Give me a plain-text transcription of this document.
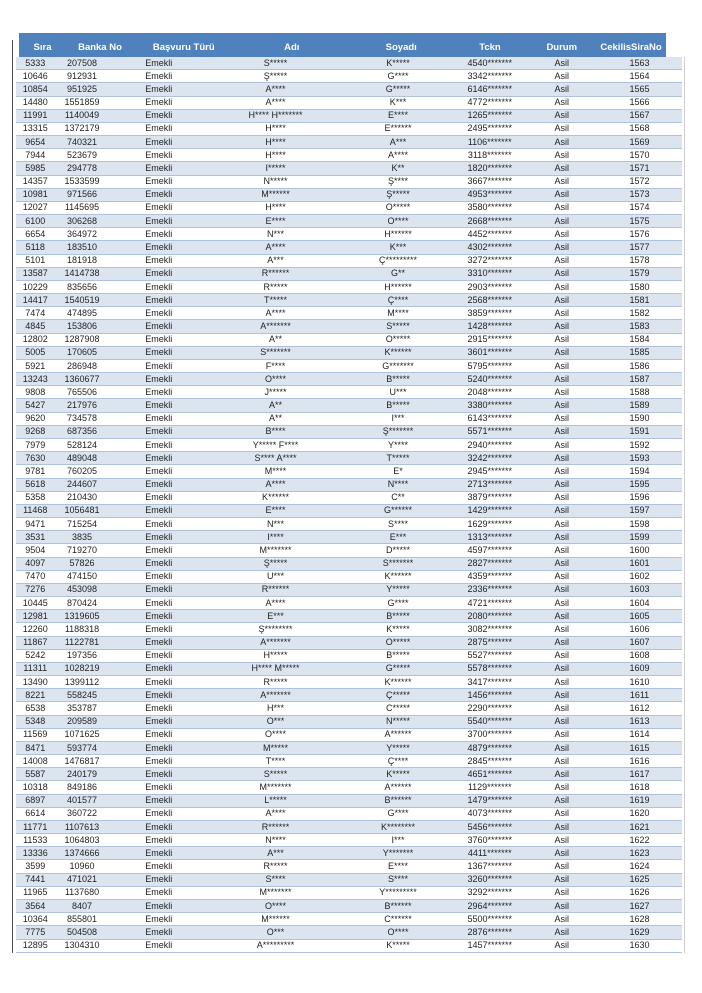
Sıra	Banka No	Başvuru Türü	Adı	Soyadı	Tckn	Durum	CekilisSiraNo
5333	207508	Emekli	S*****	K*****	4540*******	Asil	1563
10646	912931	Emekli	Ş*****	G****	3342*******	Asil	1564
10854	951925	Emekli	A****	G*****	6146*******	Asil	1565
14480	1551859	Emekli	A****	K***	4772*******	Asil	1566
11991	1140049	Emekli	H**** H*******	E****	1265*******	Asil	1567
13315	1372179	Emekli	H****	E******	2495*******	Asil	1568
9654	740321	Emekli	H****	A***	1106*******	Asil	1569
7944	523679	Emekli	H****	A****	3118*******	Asil	1570
5985	294778	Emekli	İ*****	K**	1820*******	Asil	1571
14357	1533599	Emekli	N*****	Ş****	3667*******	Asil	1572
10981	971566	Emekli	M******	Ş*****	4953*******	Asil	1573
12027	1145695	Emekli	H****	Ö*****	3580*******	Asil	1574
6100	306268	Emekli	E****	Ö****	2668*******	Asil	1575
6654	364972	Emekli	N***	H******	4452*******	Asil	1576
5118	183510	Emekli	A****	K***	4302*******	Asil	1577
5101	181918	Emekli	A***	Ç*********	3272*******	Asil	1578
13587	1414738	Emekli	R******	G**	3310*******	Asil	1579
10229	835656	Emekli	R*****	H******	2903*******	Asil	1580
14417	1540519	Emekli	T*****	Ç****	2568*******	Asil	1581
7474	474895	Emekli	A****	M****	3859*******	Asil	1582
4845	153806	Emekli	A*******	S*****	1428*******	Asil	1583
12802	1287908	Emekli	A**	Ö*****	2915*******	Asil	1584
5005	170605	Emekli	S*******	K******	3601*******	Asil	1585
5921	286948	Emekli	F****	G*******	5795*******	Asil	1586
13243	1360677	Emekli	Ö****	B*****	5240*******	Asil	1587
9808	765506	Emekli	J*****	U***	2048*******	Asil	1588
5427	217976	Emekli	A**	B*****	3380*******	Asil	1589
9620	734578	Emekli	A**	İ***	6143*******	Asil	1590
9268	687356	Emekli	B****	Ş*******	5571*******	Asil	1591
7979	528124	Emekli	Y***** F****	Y****	2940*******	Asil	1592
7630	489048	Emekli	S**** A****	T*****	3242*******	Asil	1593
9781	760205	Emekli	M****	E*	2945*******	Asil	1594
5618	244607	Emekli	A****	N****	2713*******	Asil	1595
5358	210430	Emekli	K******	C**	3879*******	Asil	1596
11468	1056481	Emekli	E****	G******	1429*******	Asil	1597
9471	715254	Emekli	N***	S****	1629*******	Asil	1598
3531	3835	Emekli	İ****	E***	1313*******	Asil	1599
9504	719270	Emekli	M*******	D*****	4597*******	Asil	1600
4097	57826	Emekli	Ş*****	S*******	2827*******	Asil	1601
7470	474150	Emekli	U***	K******	4359*******	Asil	1602
7276	453098	Emekli	R******	Y*****	2336*******	Asil	1603
10445	870424	Emekli	A****	G****	4721*******	Asil	1604
12981	1319605	Emekli	E***	B*****	2080*******	Asil	1605
12260	1188318	Emekli	Ş********	K*****	3082*******	Asil	1606
11867	1122781	Emekli	A*******	Ö*****	2875*******	Asil	1607
5242	197356	Emekli	H*****	B*****	5527*******	Asil	1608
11311	1028219	Emekli	H**** M*****	G*****	5578*******	Asil	1609
13490	1399112	Emekli	R*****	K******	3417*******	Asil	1610
8221	558245	Emekli	A*******	Ç*****	1456*******	Asil	1611
6538	353787	Emekli	H***	C*****	2290*******	Asil	1612
5348	209589	Emekli	Ö***	N*****	5540*******	Asil	1613
11569	1071625	Emekli	O****	A******	3700*******	Asil	1614
8471	593774	Emekli	M*****	Y*****	4879*******	Asil	1615
14008	1476817	Emekli	T****	Ç****	2845*******	Asil	1616
5587	240179	Emekli	S*****	K*****	4651*******	Asil	1617
10318	849186	Emekli	M*******	A******	1129*******	Asil	1618
6897	401577	Emekli	L*****	B******	1479*******	Asil	1619
6614	360722	Emekli	A****	G****	4073*******	Asil	1620
11771	1107613	Emekli	R******	K********	5456*******	Asil	1621
11533	1064803	Emekli	N****	İ***	3760*******	Asil	1622
13336	1374666	Emekli	A***	Y*******	4411*******	Asil	1623
3599	10960	Emekli	R*****	E****	1367*******	Asil	1624
7441	471021	Emekli	S****	S****	3260*******	Asil	1625
11965	1137680	Emekli	M*******	Y*********	3292*******	Asil	1626
3564	8407	Emekli	O****	B******	2964*******	Asil	1627
10364	855801	Emekli	M******	C******	5500*******	Asil	1628
7775	504508	Emekli	Ö***	O****	2876*******	Asil	1629
12895	1304310	Emekli	A*********	K*****	1457*******	Asil	1630
